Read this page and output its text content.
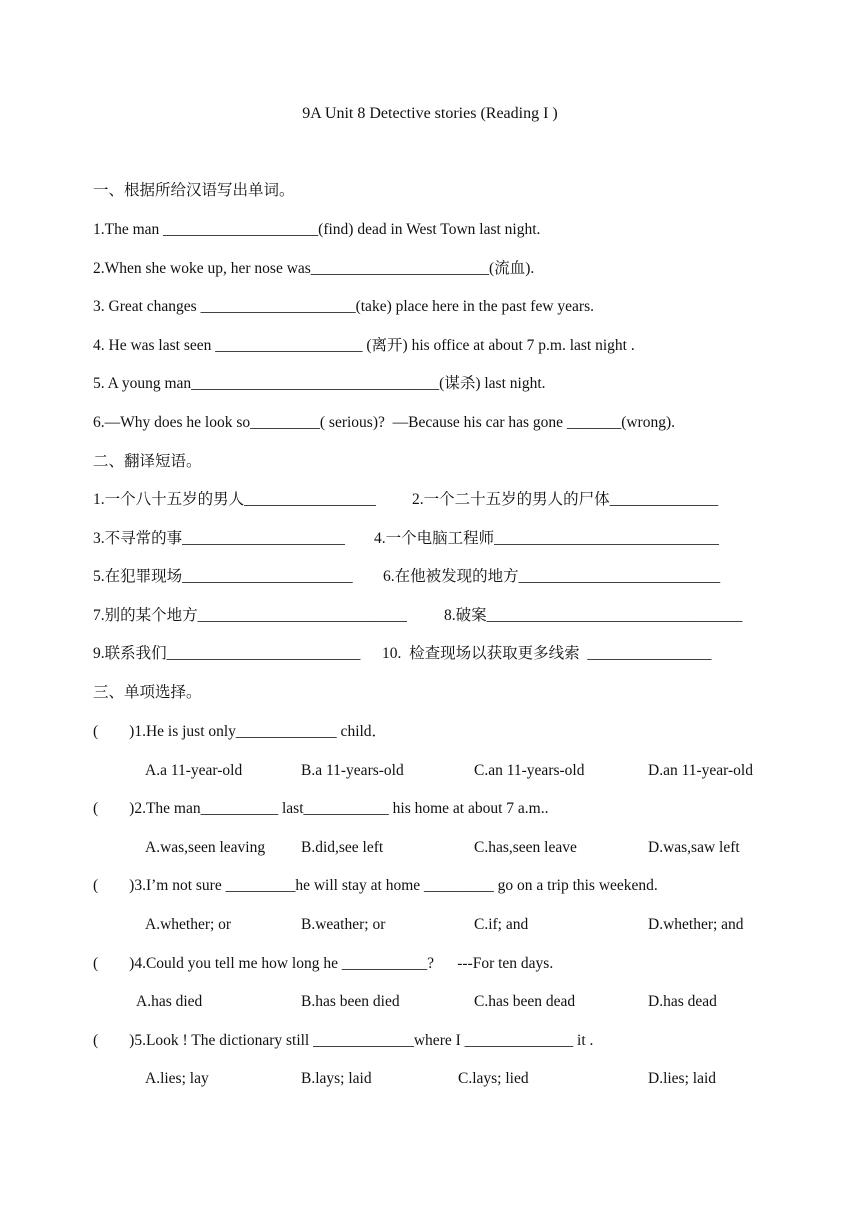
9A Unit 8 Detective stories (Reading I )
一、根据所给汉语写出单词。
1.The man ____________________(find) dead in West Town last night.
2.When she woke up, her nose was_______________________(流血).
3. Great changes ____________________(take) place here in the past few years.
4. He was last seen ___________________ (离开) his office at about 7 p.m. last night .
5. A young man________________________________(谋杀) last night.
6.—Why does he look so_________( serious)?  —Because his car has gone _______(wrong).
二、翻译短语。
1.一个八十五岁的男人_________________ 2.一个二十五岁的男人的尸体______________
3.不寻常的事_____________________ 4.一个电脑工程师_____________________________
5.在犯罪现场______________________ 6.在他被发现的地方__________________________
7.别的某个地方___________________________ 8.破案_________________________________
9.联系我们_________________________ 10.  检查现场以获取更多线索  ________________
三、单项选择。
(        )1.He is just only_____________ child．
A.a 11-year-old	B.a 11-years-old	C.an 11-years-old	D.an 11-year-old
(        )2.The man__________ last___________ his home at about 7 a.m..
A.was,seen leaving B.did,see left	C.has,seen leave	D.was,saw left
(        )3.I’m not sure _________he will stay at home _________ go on a trip this weekend.
A.whether; or	B.weather; or	C.if; and	D.whether; and
(        )4.Could you tell me how long he ___________?      ---For ten days.
A.has died	B.has been died	C.has been dead	D.has dead
(        )5.Look ! The dictionary still _____________where I ______________ it .
A.lies; lay	B.lays; laid	C.lays; lied	D.lies; laid
